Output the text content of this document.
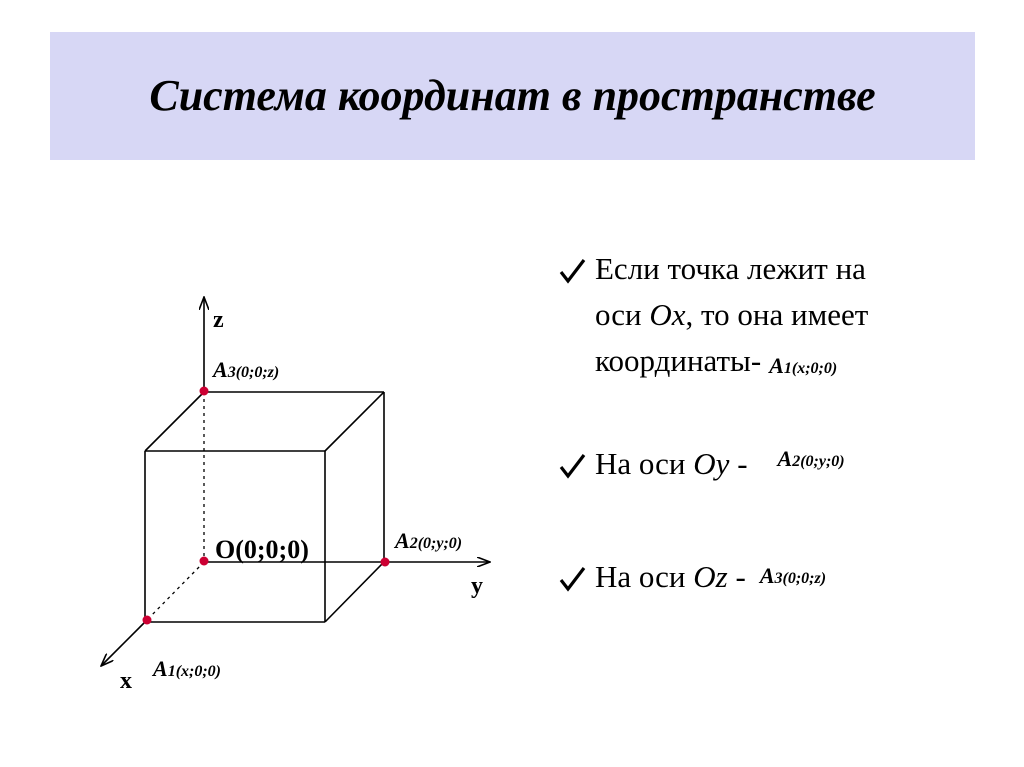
Система координат в пространстве
z
y
x
O(0;0;0)
A3(0;0;z)
A2(0;y;0)
A1(x;0;0)
Если точка лежит на
оси Ox, то она имеет
координаты- A1(x;0;0)
На оси Oy - $^{A2(0;y;0)}$
На оси Oz - A3(0;0;z)
